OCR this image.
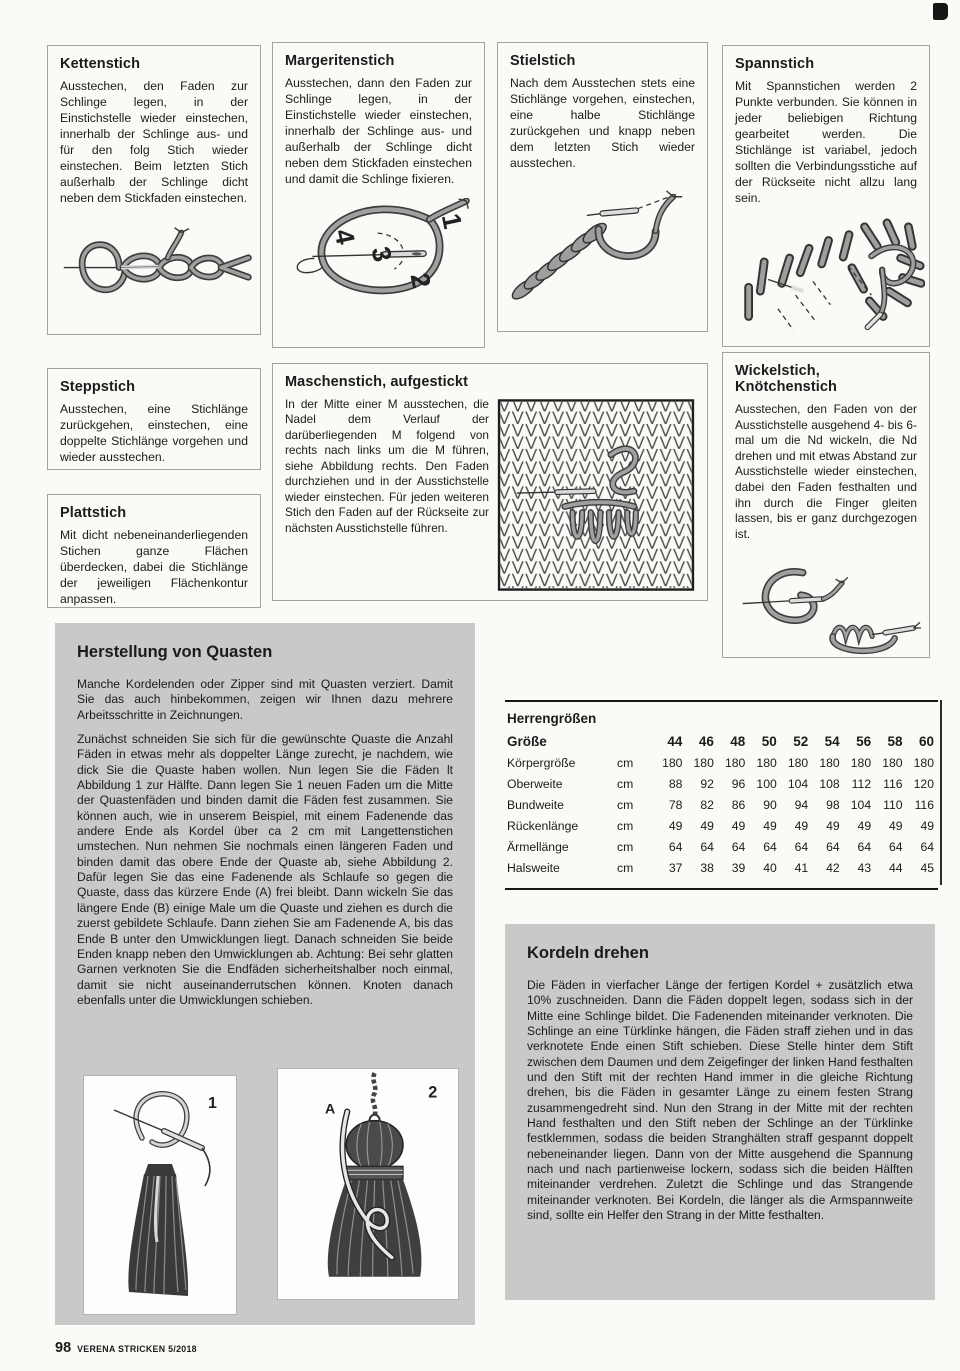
Kettenstich

Ausstechen, den Faden zur Schlinge legen, in der Einstichstelle wieder einstechen, innerhalb der Schlinge aus- und für den folg Stich wieder einstechen. Beim letzten Stich außerhalb der Schlinge dicht neben dem Stickfaden einstechen.

Margeritenstich

Ausstechen, dann den Faden zur Schlinge legen, in der Einstichstelle wieder einstechen, innerhalb der Schlinge aus- und außerhalb der Schlinge dicht neben dem Stickfaden einstechen und damit die Schlinge fixieren.

4
3
2
1
Stielstich

Nach dem Ausstechen stets eine Stichlänge vorgehen, einstechen, eine halbe Stichlänge zurückgehen und knapp neben dem letzten Stich wieder ausstechen.

Spannstich

Mit Spannstichen werden 2 Punkte verbunden. Sie können in jeder beliebigen Richtung gearbeitet werden. Die Stichlänge ist variabel, jedoch sollten die Verbindungsstiche auf der Rückseite nicht allzu lang sein.

Steppstich

Ausstechen, eine Stichlänge zurückgehen, einstechen, eine doppelte Stichlänge vorgehen und wieder ausstechen.

Plattstich

Mit dicht nebeneinanderliegenden Stichen ganze Flächen überdecken, dabei die Stichlänge der jeweiligen Flächenkontur anpassen.

Maschenstich, aufgestickt

In der Mitte einer M ausstechen, die Nadel dem Verlauf der darüberliegenden M folgend von rechts nach links um die M führen, siehe Abbildung rechts. Den Faden durchziehen und in der Ausstichstelle wieder einstechen. Für jeden weiteren Stich den Faden auf der Rückseite zur nächsten Ausstichstelle führen.

Wickelstich, Knötchenstich

Ausstechen, den Faden von der Ausstichstelle ausgehend 4- bis 6-mal um die Nd wickeln, die Nd drehen und mit etwas Abstand zur Ausstichstelle wieder einstechen, dabei den Faden festhalten und ihn durch die Finger gleiten lassen, bis er ganz durchgezogen ist.

Herstellung von Quasten

Manche Kordelenden oder Zipper sind mit Quasten verziert. Damit Sie das auch hinbekommen, zeigen wir Ihnen dazu mehrere Arbeitsschritte in Zeichnungen.

Zunächst schneiden Sie sich für die gewünschte Quaste die Anzahl Fäden in etwas mehr als doppelter Länge zurecht, je nachdem, wie dick Sie die Quaste haben wollen. Nun legen Sie die Fäden lt Abbildung 1 zur Hälfte. Dann legen Sie 1 neuen Faden um die Mitte der Quastenfäden und binden damit die Fäden fest zusammen. Sie können auch, wie in unserem Beispiel, mit einem Fadenende das andere Ende als Kordel über ca 2 cm mit Langettenstichen umstechen. Nun nehmen Sie nochmals einen längeren Faden und binden damit das obere Ende der Quaste ab, siehe Abbildung 2. Dafür legen Sie das eine Fadenende als Schlaufe so gegen die Quaste, dass das kürzere Ende (A) frei bleibt. Dann wickeln Sie das längere Ende (B) einige Male um die Quaste und ziehen es durch die zuerst gebildete Schlaufe. Dann ziehen Sie am Fadenende A, bis das Ende B unter den Umwicklungen liegt. Danach schneiden Sie beide Enden knapp neben den Umwicklungen ab. Achtung: Bei sehr glatten Garnen verknoten Sie die Endfäden sicherheitshalber noch einmal, damit sie nicht auseinanderrutschen können. Knoten danach ebenfalls unter die Umwicklungen schieben.

1	A
2
Herrengrößen
Größe	44	46	48	50	52	54	56	58	60
Körpergröße	cm	180 180 180 180 180 180 180 180 180
Oberweite	cm	88	92	96 100 104 108 112 116 120
Bundweite	cm	78	82	86	90	94	98 104 110 116
Rückenlänge	cm	49	49	49	49	49	49	49	49	49
Ärmellänge	cm	64	64	64	64	64	64	64	64	64
Halsweite	cm	37	38	39	40	41	42	43	44	45
Kordeln drehen

Die Fäden in vierfacher Länge der fertigen Kordel + zusätzlich etwa 10% zuschneiden. Dann die Fäden doppelt legen, sodass sich in der Mitte eine Schlinge bildet. Die Fadenenden miteinander verknoten. Die Schlinge an eine Türklinke hängen, die Fäden straff ziehen und in das verknotete Ende einen Stift schieben. Diese Stelle hinter dem Stift zwischen dem Daumen und dem Zeigefinger der linken Hand festhalten und den Stift mit der rechten Hand immer in die gleiche Richtung drehen, bis die Fäden in gesamter Länge zu einem festen Strang zusammengedreht sind. Nun den Strang in der Mitte mit der rechten Hand festhalten und den Stift neben der Schlinge an der Türklinke festklemmen, sodass die beiden Stranghälten straff gespannt doppelt nebeneinander liegen. Dann von der Mitte ausgehend die Spannung nach und nach partienweise lockern, sodass sich die beiden Hälften miteinander verdrehen. Zuletzt die Schlinge und das Strangende miteinander verknoten. Bei Kordeln, die länger als die Armspannweite sind, sollte ein Helfer den Strang in der Mitte festhalten.

98 VERENA STRICKEN 5/2018
